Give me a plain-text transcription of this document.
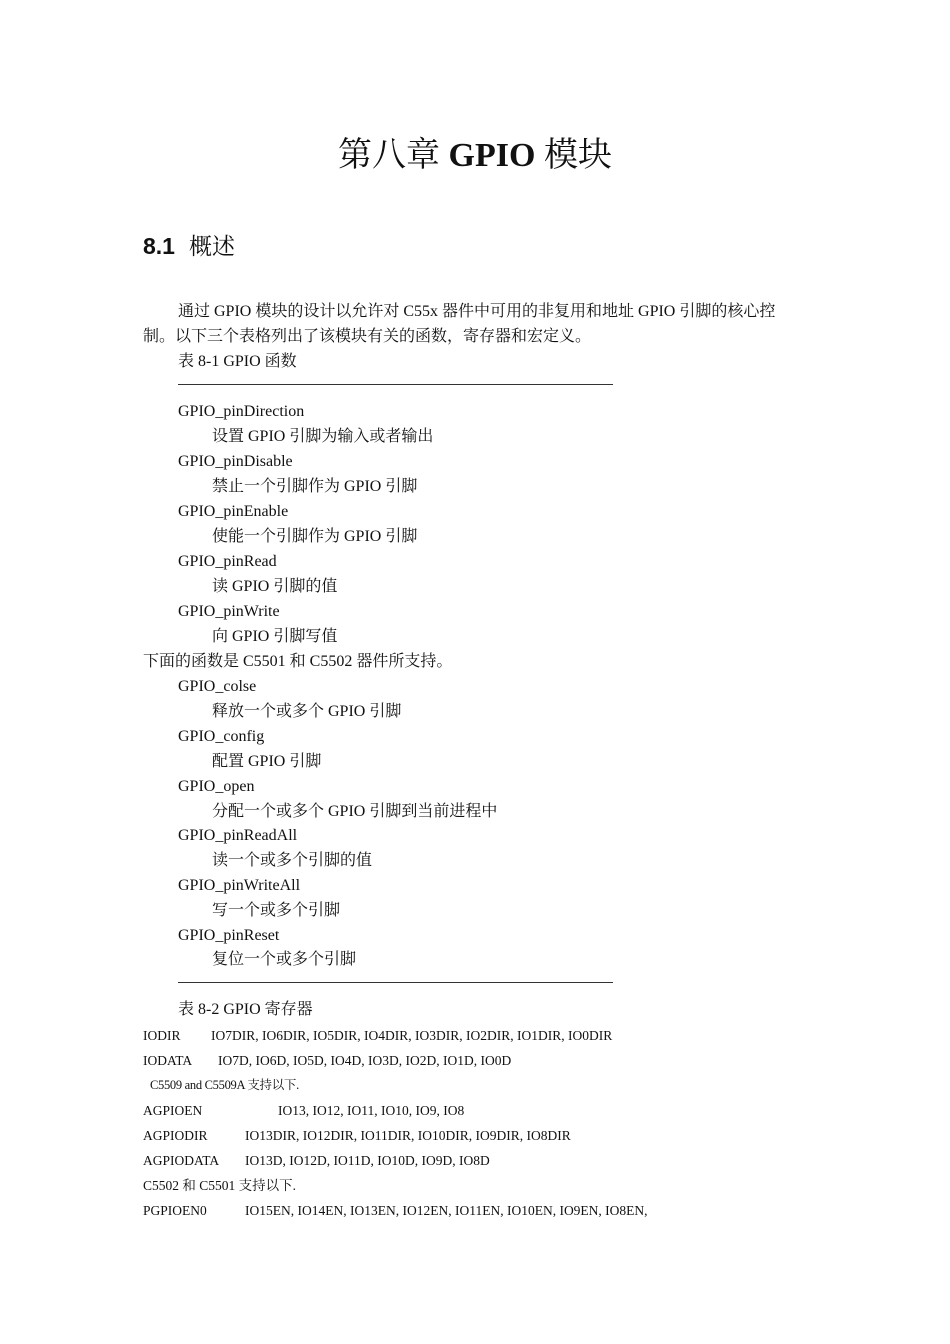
第八章 GPIO 模块
8.1 概述
通过 GPIO 模块的设计以允许对 C55x 器件中可用的非复用和地址 GPIO 引脚的核心控
制。以下三个表格列出了该模块有关的函数，寄存器和宏定义。
表 8-1 GPIO 函数
GPIO_pinDirection
设置 GPIO 引脚为输入或者输出
GPIO_pinDisable
禁止一个引脚作为 GPIO 引脚
GPIO_pinEnable
使能一个引脚作为 GPIO 引脚
GPIO_pinRead
读 GPIO 引脚的值
GPIO_pinWrite
向 GPIO 引脚写值
下面的函数是 C5501 和 C5502 器件所支持。
GPIO_colse
释放一个或多个 GPIO 引脚
GPIO_config
配置 GPIO 引脚
GPIO_open
分配一个或多个 GPIO 引脚到当前进程中
GPIO_pinReadAll
读一个或多个引脚的值
GPIO_pinWriteAll
写一个或多个引脚
GPIO_pinReset
复位一个或多个引脚
表 8-2 GPIO 寄存器
IODIR IO7DIR, IO6DIR, IO5DIR, IO4DIR, IO3DIR, IO2DIR, IO1DIR, IO0DIR
IODATA IO7D, IO6D, IO5D, IO4D, IO3D, IO2D, IO1D, IO0D
C5509 and C5509A 支持以下.
AGPIOEN	IO13, IO12, IO11, IO10, IO9, IO8
AGPIODIR	IO13DIR, IO12DIR, IO11DIR, IO10DIR, IO9DIR, IO8DIR
AGPIODATA IO13D, IO12D, IO11D, IO10D, IO9D, IO8D
C5502 和 C5501 支持以下.
PGPIOEN0	IO15EN, IO14EN, IO13EN, IO12EN, IO11EN, IO10EN, IO9EN, IO8EN,
